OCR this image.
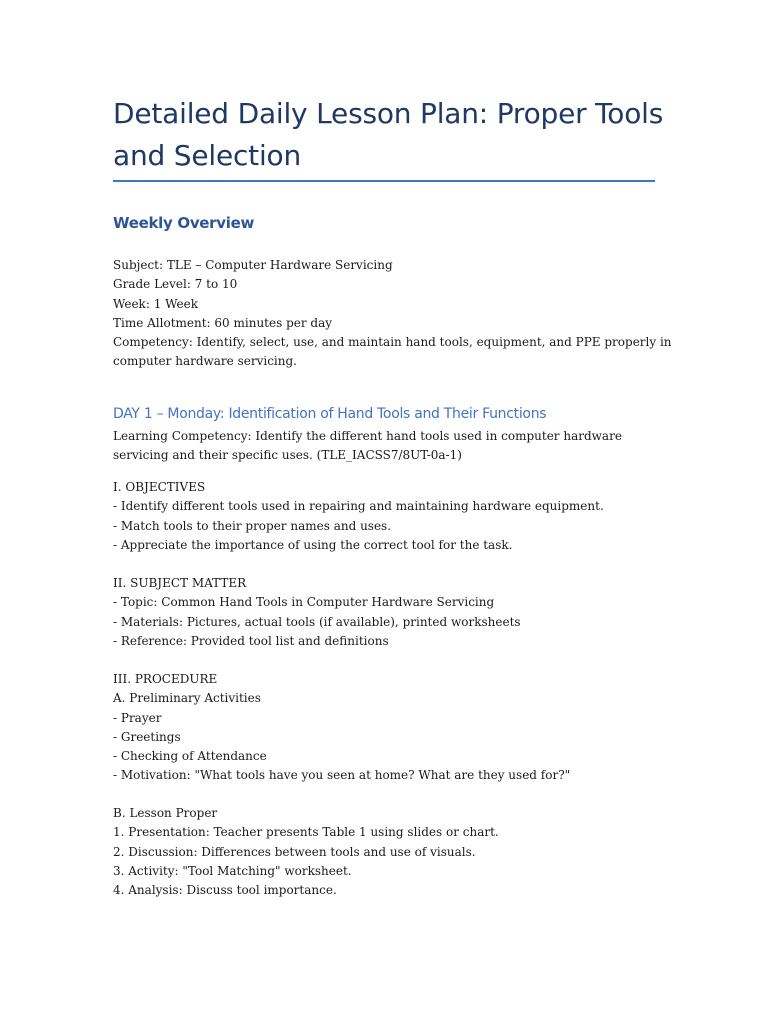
Detailed Daily Lesson Plan: Proper Tools
and Selection
Weekly Overview
Subject: TLE – Computer Hardware Servicing
Grade Level: 7 to 10
Week: 1 Week
Time Allotment: 60 minutes per day
Competency: Identify, select, use, and maintain hand tools, equipment, and PPE properly in
computer hardware servicing.
DAY 1 – Monday: Identification of Hand Tools and Their Functions
Learning Competency: Identify the different hand tools used in computer hardware
servicing and their specific uses. (TLE_IACSS7/8UT-0a-1)
I. OBJECTIVES
- Identify different tools used in repairing and maintaining hardware equipment.
- Match tools to their proper names and uses.
- Appreciate the importance of using the correct tool for the task.
II. SUBJECT MATTER
- Topic: Common Hand Tools in Computer Hardware Servicing
- Materials: Pictures, actual tools (if available), printed worksheets
- Reference: Provided tool list and definitions
III. PROCEDURE
A. Preliminary Activities
- Prayer
- Greetings
- Checking of Attendance
- Motivation: "What tools have you seen at home? What are they used for?"
B. Lesson Proper
1. Presentation: Teacher presents Table 1 using slides or chart.
2. Discussion: Differences between tools and use of visuals.
3. Activity: "Tool Matching" worksheet.
4. Analysis: Discuss tool importance.
